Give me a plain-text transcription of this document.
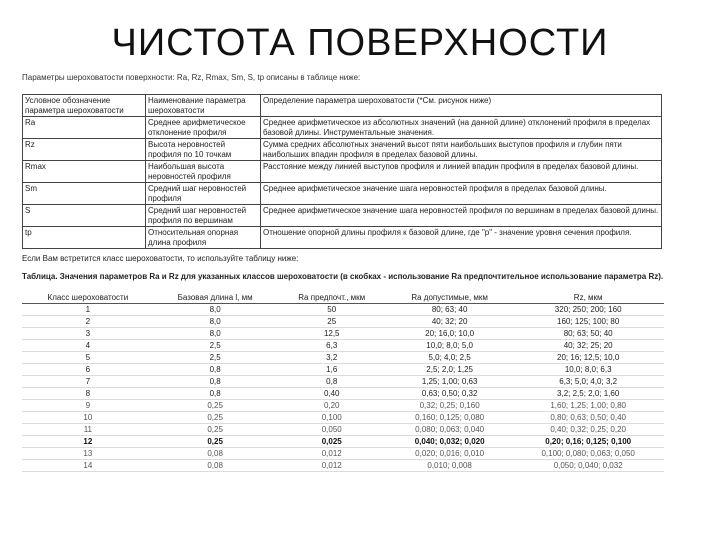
ЧИСТОТА ПОВЕРХНОСТИ
Параметры шероховатости поверхности: Ra, Rz, Rmax, Sm, S, tp описаны в таблице ниже:
Условное обозначение параметра шероховатости	Наименование параметра шероховатости	Определение параметра шероховатости (*См. рисунок ниже)
Ra	Среднее арифметическое отклонение профиля	Среднее арифметическое из абсолютных значений (на данной длине) отклонений профиля в пределах базовой длины. Инструментальные значения.
Rz	Высота неровностей профиля по 10 точкам	Сумма средних абсолютных значений высот пяти наибольших выступов профиля и глубин пяти наибольших впадин профиля в пределах базовой длины.
Rmax	Наибольшая высота неровностей профиля	Расстояние между линией выступов профиля и линией впадин профиля в пределах базовой длины.
Sm	Средний шаг неровностей профиля	Среднее арифметическое значение шага неровностей профиля в пределах базовой длины.
S	Средний шаг неровностей профиля по вершинам	Среднее арифметическое значение шага неровностей профиля по вершинам в пределах базовой длины.
tp	Относительная опорная длина профиля	Отношение опорной длины профиля к базовой длине, где "p" - значение уровня сечения профиля.
Если Вам встретится класс шероховатости, то используйте таблицу ниже:
Таблица. Значения параметров Ra и Rz для указанных классов шероховатости (в скобках - использование Ra предпочтительное использование параметра Rz).
Класс шероховатости	Базовая длина l, мм	Ra предпочт., мкм	Ra допустимые, мкм	Rz, мкм
1	8,0	50	80; 63; 40	320; 250; 200; 160
2	8,0	25	40; 32; 20	160; 125; 100; 80
3	8,0	12,5	20; 16,0; 10,0	80; 63; 50; 40
4	2,5	6,3	10,0; 8,0; 5,0	40; 32; 25; 20
5	2,5	3,2	5,0; 4,0; 2,5	20; 16; 12,5; 10,0
6	0,8	1,6	2,5; 2,0; 1,25	10,0; 8,0; 6,3
7	0,8	0,8	1,25; 1,00; 0,63	6,3; 5,0; 4,0; 3,2
8	0,8	0,40	0,63; 0,50; 0,32	3,2; 2,5; 2,0; 1,60
9	0,25	0,20	0,32; 0,25; 0,160	1,60; 1,25; 1,00; 0,80
10	0,25	0,100	0,160; 0,125; 0,080	0,80; 0,63; 0,50; 0,40
11	0,25	0,050	0,080; 0,063; 0,040	0,40; 0,32; 0,25; 0,20
12	0,25	0,025	0,040; 0,032; 0,020	0,20; 0,16; 0,125; 0,100
13	0,08	0,012	0,020; 0,016; 0,010	0,100; 0,080; 0,063; 0,050
14	0,08	0,012	0,010; 0,008	0,050; 0,040; 0,032
